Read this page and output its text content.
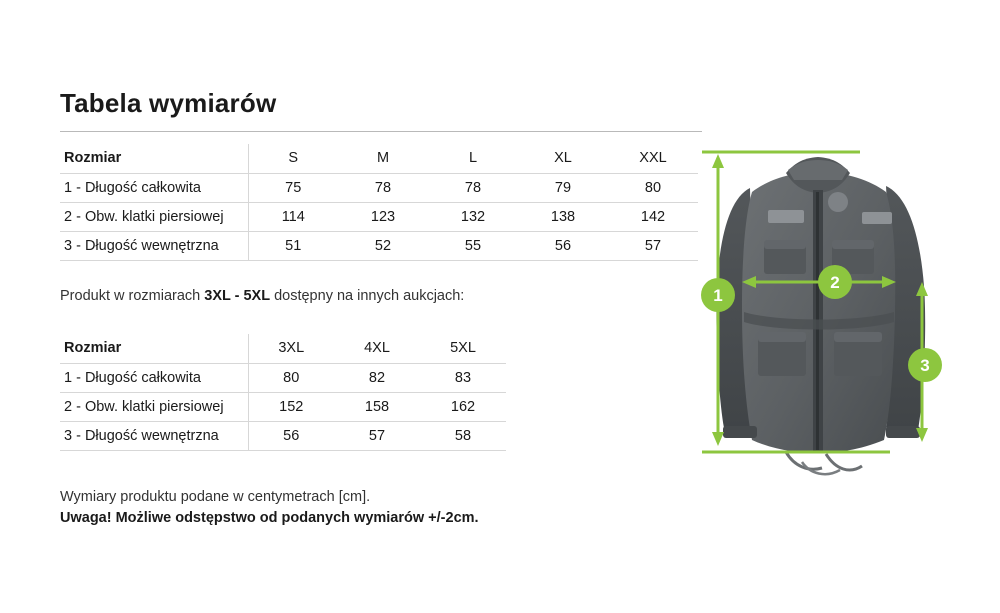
Tabela wymiarów
Rozmiar	S	M	L	XL	XXL
1 - Długość całkowita	75	78	78	79	80
2 - Obw. klatki piersiowej	114	123	132	138	142
3 - Długość wewnętrzna	51	52	55	56	57
Produkt w rozmiarach 3XL - 5XL dostępny na innych aukcjach:
Rozmiar	3XL	4XL	5XL
1 - Długość całkowita	80	82	83
2 - Obw. klatki piersiowej	152	158	162
3 - Długość wewnętrzna	56	57	58
Wymiary produktu podane w centymetrach [cm].
Uwaga! Możliwe odstępstwo od podanych wymiarów +/-2cm.
1
2
3
